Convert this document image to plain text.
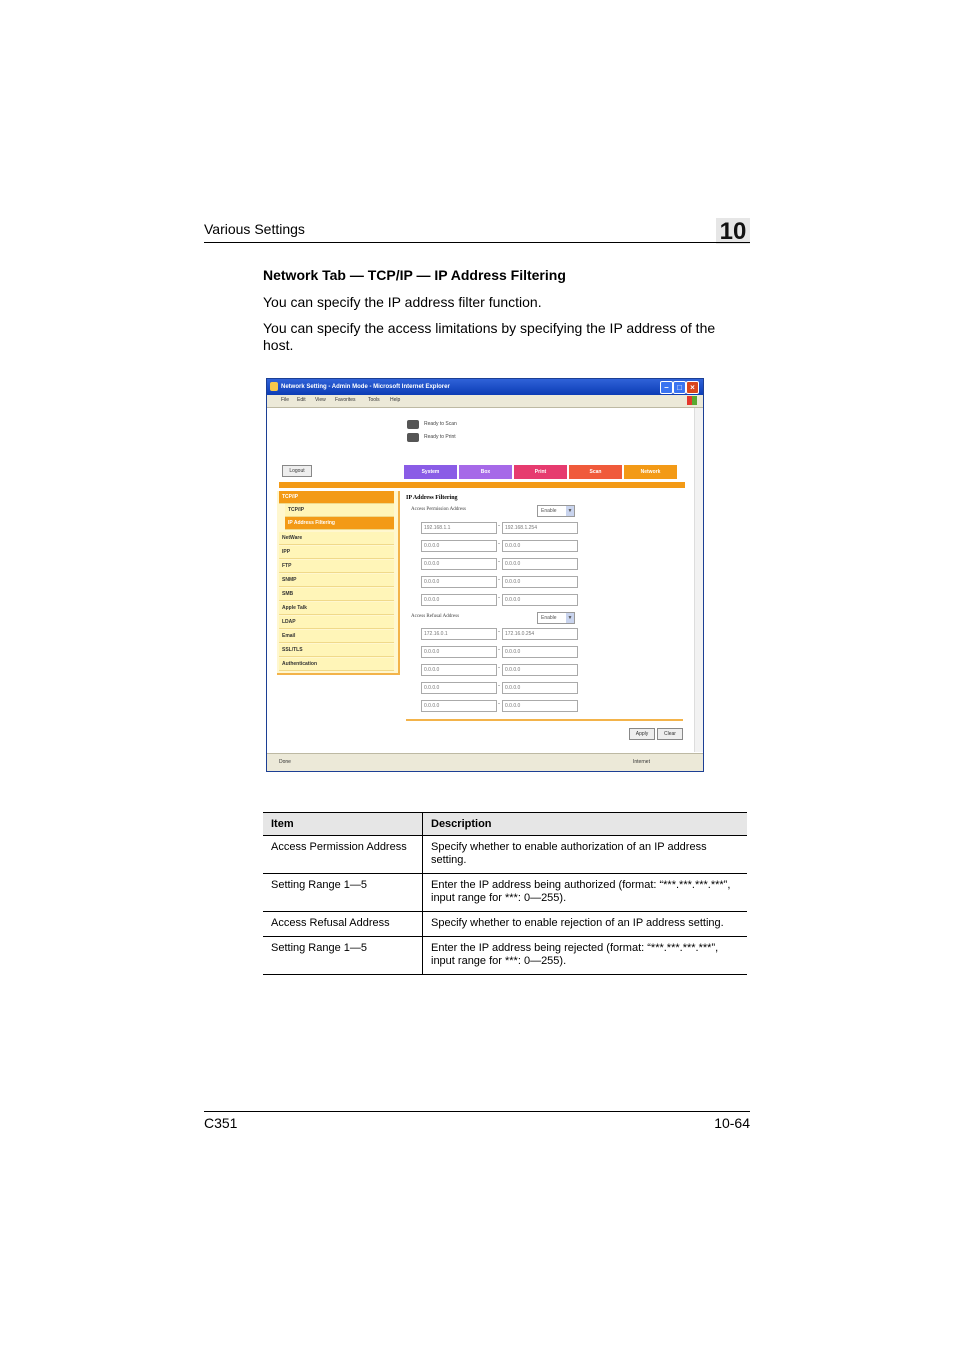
Various Settings	10
Network Tab — TCP/IP — IP Address Filtering
You can specify the IP address filter function.
You can specify the access limitations by specifying the IP address of the host.
Network Setting - Admin Mode - Microsoft Internet Explorer	–	□	×
File Edit View Favorites Tools Help
Ready to Scan
Ready to Print
Logout	System	Box	Print	Scan	Network
TCP/IP
TCP/IP
IP Address Filtering
NetWare
IPP
FTP
SNMP
SMB
Apple Talk
LDAP
Email
SSL/TLS
Authentication
IP Address Filtering
Access Permission Address	Enable	▼
192.168.1.1	-	192.168.1.254
0.0.0.0	-	0.0.0.0
0.0.0.0	-	0.0.0.0
0.0.0.0	-	0.0.0.0
0.0.0.0	-	0.0.0.0
Access Refusal Address	Enable	▼
172.16.0.1	-	172.16.0.254
0.0.0.0	-	0.0.0.0
0.0.0.0	-	0.0.0.0
0.0.0.0	-	0.0.0.0
0.0.0.0	-	0.0.0.0
Apply	Clear
Done	Internet
Item	Description
Access Permission Address	Specify whether to enable authorization of an IP address setting.
Setting Range 1—5	Enter the IP address being authorized (format: “***.***.***.***”, input range for ***: 0—255).
Access Refusal Address	Specify whether to enable rejection of an IP address setting.
Setting Range 1—5	Enter the IP address being rejected (format: “***.***.***.***”, input range for ***: 0—255).
C351	10-64
